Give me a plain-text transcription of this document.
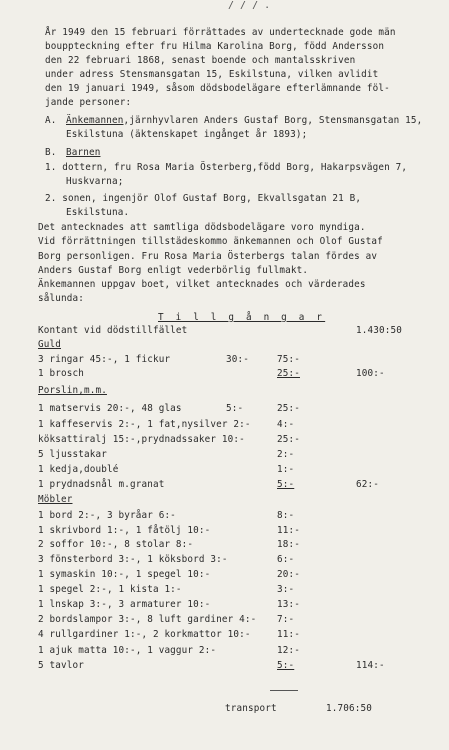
/ / / .
År 1949 den 15 februari förrättades av undertecknade gode män
bouppteckning efter fru Hilma Karolina Borg, född Andersson
den 22 februari 1868, senast boende och mantalsskriven
under adress Stensmansgatan 15, Eskilstuna, vilken avlidit
den 19 januari 1949, såsom dödsbodelägare efterlämnande föl-
jande personer:
A. Änkemannen,järnhyvlaren Anders Gustaf Borg, Stensmansgatan 15,
Eskilstuna (äktenskapet ingånget år 1893);
B. Barnen
1. dottern, fru Rosa Maria Österberg,född Borg, Hakarpsvägen 7,
Huskvarna;
2. sonen, ingenjör Olof Gustaf Borg, Ekvallsgatan 21 B,
Eskilstuna.
Det antecknades att samtliga dödsbodelägare voro myndiga.
Vid förrättningen tillstädeskommo änkemannen och Olof Gustaf
Borg personligen. Fru Rosa Maria Österbergs talan fördes av
Anders Gustaf Borg enligt vederbörlig fullmakt.
Änkemannen uppgav boet, vilket antecknades och värderades
sålunda:
T i l l g å n g a r
Kontant vid dödstillfället	1.430:50
Guld
3 ringar 45:-, 1 fickur	30:-	75:-
1 brosch	25:-	100:-
Porslin,m.m.
1 matservis 20:-, 48 glas	5:-	25:-
1 kaffeservis 2:-, 1 fat,nysilver 2:-	4:-
köksattiralj 15:-,prydnadssaker 10:-	25:-
5 ljusstakar	2:-
1 kedja,doublé	1:-
1 prydnadsnål m.granat	5:-	62:-
Möbler
1 bord 2:-, 3 byråar 6:-	8:-
1 skrivbord 1:-, 1 fåtölj 10:-	11:-
2 soffor 10:-, 8 stolar 8:-	18:-
3 fönsterbord 3:-, 1 köksbord 3:-	6:-
1 symaskin 10:-, 1 spegel 10:-	20:-
1 spegel 2:-, 1 kista 1:-	3:-
1 lnskap 3:-, 3 armaturer 10:-	13:-
2 bordslampor 3:-, 8 luft gardiner 4:- 7:-
4 rullgardiner 1:-, 2 korkmattor 10:-	11:-
1 ajuk matta 10:-, 1 vaggur 2:-	12:-
5 tavlor	5:-	114:-
transport	1.706:50
